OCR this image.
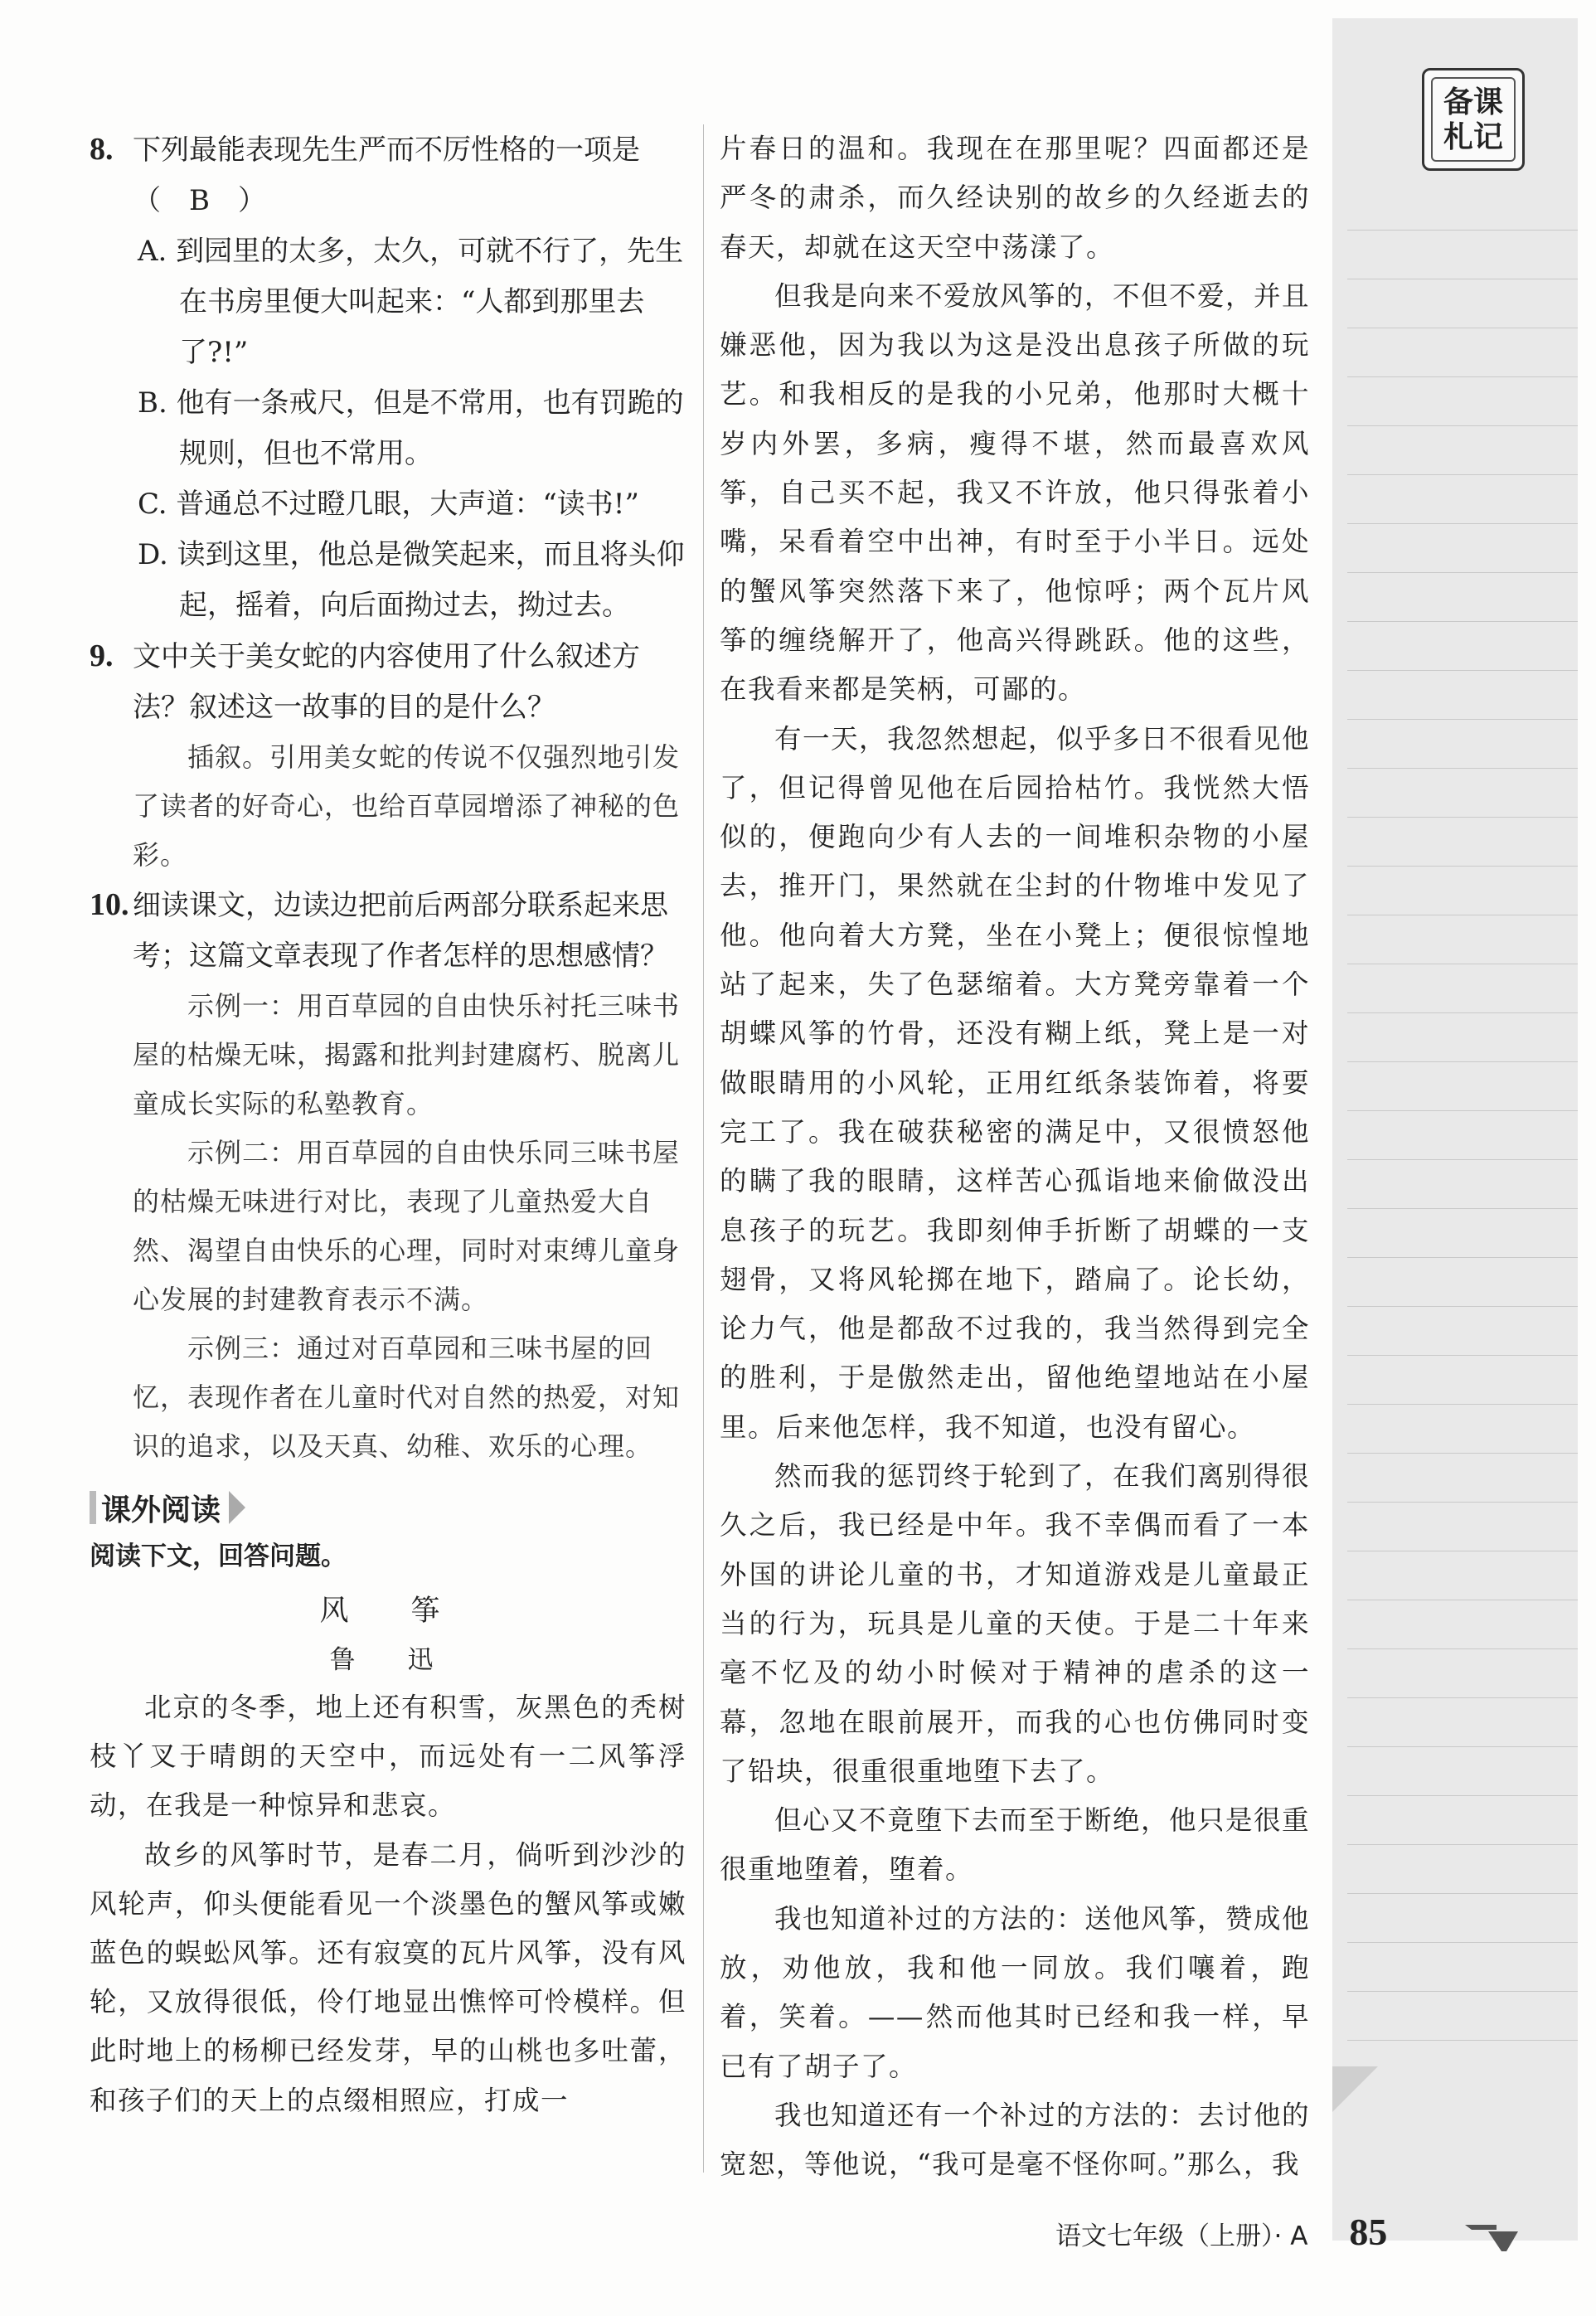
备课
札记
8. 下列最能表现先生严而不厉性格的一项是
（　B　）
A. 到园里的太多，太久，可就不行了，先生在书房里便大叫起来：“人都到那里去了?!”
B. 他有一条戒尺，但是不常用，也有罚跪的规则，但也不常用。
C. 普通总不过瞪几眼，大声道：“读书!”
D. 读到这里，他总是微笑起来，而且将头仰起，摇着，向后面拗过去，拗过去。
9. 文中关于美女蛇的内容使用了什么叙述方法？叙述这一故事的目的是什么？
插叙。引用美女蛇的传说不仅强烈地引发了读者的好奇心，也给百草园增添了神秘的色彩。
10. 细读课文，边读边把前后两部分联系起来思考；这篇文章表现了作者怎样的思想感情？
示例一：用百草园的自由快乐衬托三味书屋的枯燥无味，揭露和批判封建腐朽、脱离儿童成长实际的私塾教育。
示例二：用百草园的自由快乐同三味书屋的枯燥无味进行对比，表现了儿童热爱大自然、渴望自由快乐的心理，同时对束缚儿童身心发展的封建教育表示不满。
示例三：通过对百草园和三味书屋的回忆，表现作者在儿童时代对自然的热爱，对知识的追求，以及天真、幼稚、欢乐的心理。
课外阅读
阅读下文，回答问题。
风　筝
鲁　迅
北京的冬季，地上还有积雪，灰黑色的秃树枝丫叉于晴朗的天空中，而远处有一二风筝浮动，在我是一种惊异和悲哀。
故乡的风筝时节，是春二月，倘听到沙沙的风轮声，仰头便能看见一个淡墨色的蟹风筝或嫩蓝色的蜈蚣风筝。还有寂寞的瓦片风筝，没有风轮，又放得很低，伶仃地显出憔悴可怜模样。但此时地上的杨柳已经发芽，早的山桃也多吐蕾，和孩子们的天上的点缀相照应，打成一
片春日的温和。我现在在那里呢？四面都还是严冬的肃杀，而久经诀别的故乡的久经逝去的春天，却就在这天空中荡漾了。
但我是向来不爱放风筝的，不但不爱，并且嫌恶他，因为我以为这是没出息孩子所做的玩艺。和我相反的是我的小兄弟，他那时大概十岁内外罢，多病，瘦得不堪，然而最喜欢风筝，自己买不起，我又不许放，他只得张着小嘴，呆看着空中出神，有时至于小半日。远处的蟹风筝突然落下来了，他惊呼；两个瓦片风筝的缠绕解开了，他高兴得跳跃。他的这些，在我看来都是笑柄，可鄙的。
有一天，我忽然想起，似乎多日不很看见他了，但记得曾见他在后园拾枯竹。我恍然大悟似的，便跑向少有人去的一间堆积杂物的小屋去，推开门，果然就在尘封的什物堆中发见了他。他向着大方凳，坐在小凳上；便很惊惶地站了起来，失了色瑟缩着。大方凳旁靠着一个胡蝶风筝的竹骨，还没有糊上纸，凳上是一对做眼睛用的小风轮，正用红纸条装饰着，将要完工了。我在破获秘密的满足中，又很愤怒他的瞒了我的眼睛，这样苦心孤诣地来偷做没出息孩子的玩艺。我即刻伸手折断了胡蝶的一支翅骨，又将风轮掷在地下，踏扁了。论长幼，论力气，他是都敌不过我的，我当然得到完全的胜利，于是傲然走出，留他绝望地站在小屋里。后来他怎样，我不知道，也没有留心。
然而我的惩罚终于轮到了，在我们离别得很久之后，我已经是中年。我不幸偶而看了一本外国的讲论儿童的书，才知道游戏是儿童最正当的行为，玩具是儿童的天使。于是二十年来毫不忆及的幼小时候对于精神的虐杀的这一幕，忽地在眼前展开，而我的心也仿佛同时变了铅块，很重很重地堕下去了。
但心又不竟堕下去而至于断绝，他只是很重很重地堕着，堕着。
我也知道补过的方法的：送他风筝，赞成他放，劝他放，我和他一同放。我们嚷着，跑着，笑着。——然而他其时已经和我一样，早已有了胡子了。
我也知道还有一个补过的方法的：去讨他的宽恕，等他说，“我可是毫不怪你呵。”那么，我
语文七年级（上册）· A 85
